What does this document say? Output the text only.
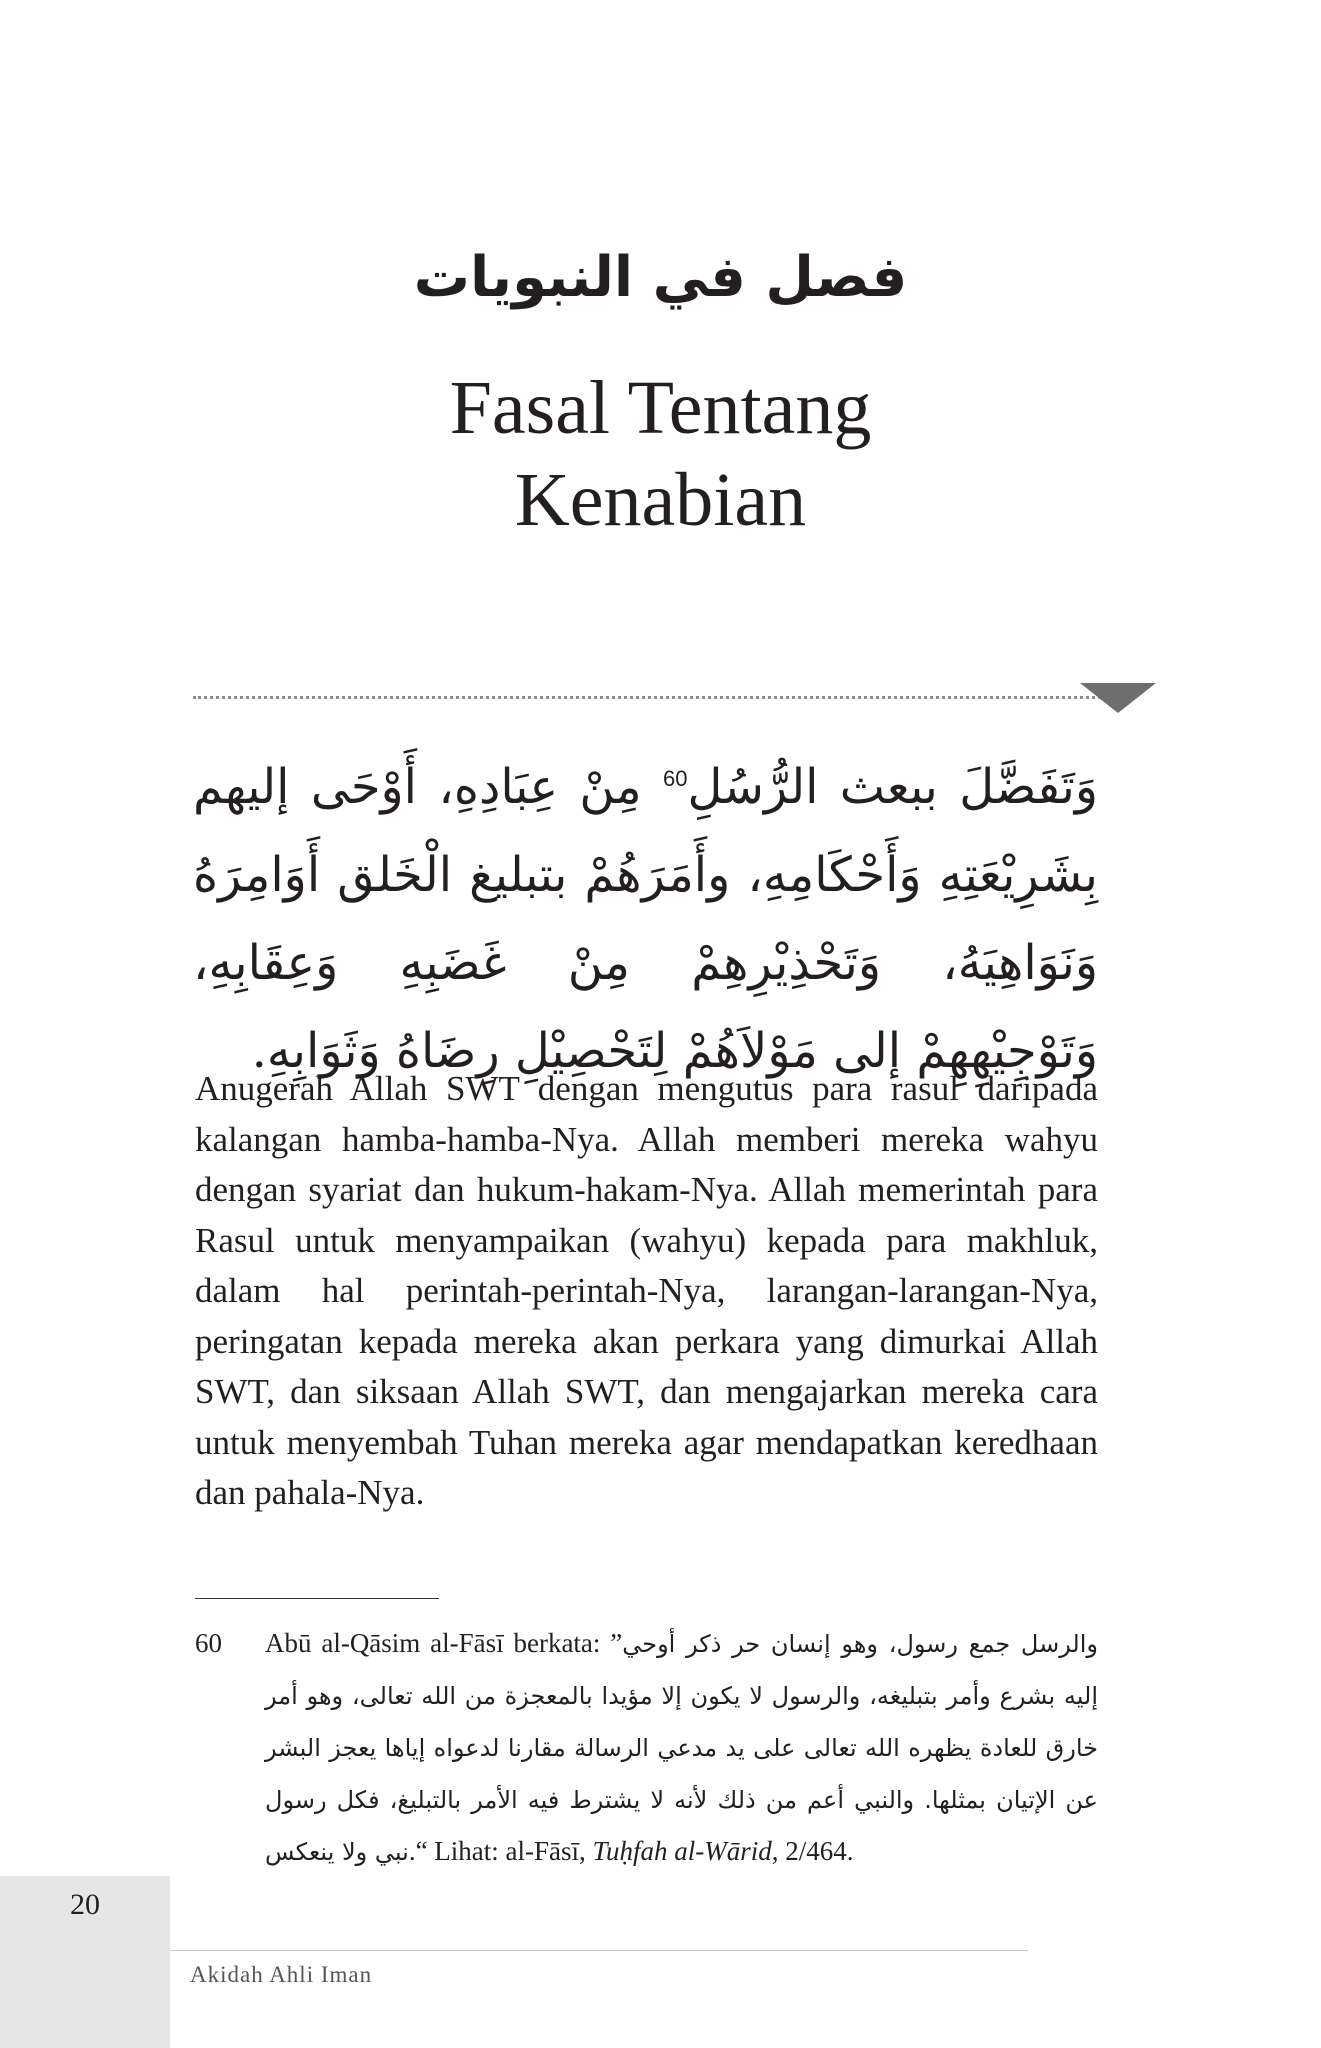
فصل في النبويات
Fasal Tentang
Kenabian
وَتَفَضَّلَ ببعث الرُّسُلِ$^{60}$ مِنْ عِبَادِهِ، أَوْحَى إليهم بِشَرِيْعَتِهِ وَأَحْكَامِهِ، وأَمَرَهُمْ بتبليغ الْخَلق أَوَامِرَهُ وَنَوَاهِيَهُ، وَتَحْذِيْرِهِمْ مِنْ غَضَبِهِ وَعِقَابِهِ، وَتَوْجِيْهِهِمْ إلى مَوْلاَهُمْ لِتَحْصِيْلِ رِضَاهُ وَثَوَابِهِ.
Anugerah Allah SWT dengan mengutus para rasul daripada kalangan hamba-hamba-Nya. Allah memberi mereka wahyu dengan syariat dan hukum-hakam-Nya. Allah memerintah para Rasul untuk menyampaikan (wahyu) kepada para makhluk, dalam hal perintah-perintah-Nya, larangan-larangan-Nya, peringatan kepada mereka akan perkara yang dimurkai Allah SWT, dan siksaan Allah SWT, dan mengajarkan mereka cara untuk menyembah Tuhan mereka agar mendapatkan keredhaan dan pahala-Nya.
60 Abū al-Qāsim al-Fāsī berkata: ”والرسل جمع رسول، وهو إنسان حر ذكر أوحي إليه بشرع وأمر بتبليغه، والرسول لا يكون إلا مؤيدا بالمعجزة من الله تعالى، وهو أمر خارق للعادة يظهره الله تعالى على يد مدعي الرسالة مقارنا لدعواه إياها يعجز البشر عن الإتيان بمثلها. والنبي أعم من ذلك لأنه لا يشترط فيه الأمر بالتبليغ، فكل رسول نبي ولا ينعكس.“ Lihat: al-Fāsī, Tuḥfah al-Wārid, 2/464.
20
Akidah Ahli Iman
